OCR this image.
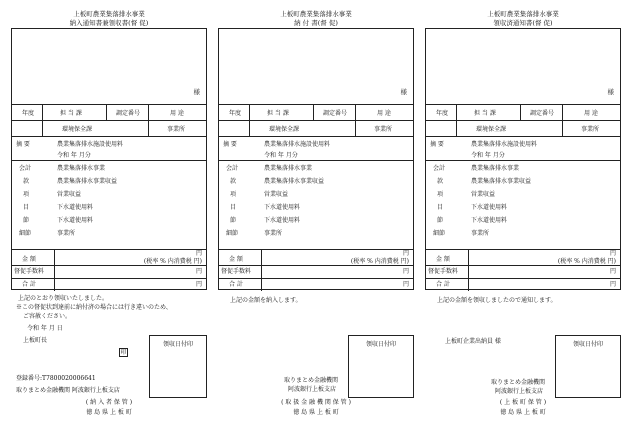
上板町農業集落排水事業
納入通知書兼領収書(督 促)
様
年度	担 当 課	調定番号	用 途
環境保全課	事業所
摘 要	農業集落排水施設使用料
令和 年 月分
会計	農業集落排水事業
款	農業集落排水事業収益
項	営業収益
目	下水道使用料
節	下水道使用料
細節	事業所
金 額
円
(税率 % 内消費税 円)
督促手数料	円
合 計	円
上記のとおり領収いたしました。
※この督促状到達前に納付済の場合には行き違いのため、
ご容赦ください。
令和 年 月 日
上板町長
印
登録番号:T7800020006641
取りまとめ金融機関 阿波銀行上板支店
領収日付印
( 納 入 者 保 管 )
徳 島 県 上 板 町
上板町農業集落排水事業
納 付 書(督 促)
様
年度	担 当 課	調定番号	用 途
環境保全課	事業所
摘 要	農業集落排水施設使用料
令和 年 月分
会計	農業集落排水事業
款	農業集落排水事業収益
項	営業収益
目	下水道使用料
節	下水道使用料
細節	事業所
金 額
円
(税率 % 内消費税 円)
督促手数料	円
合 計	円
上記の金額を納入します。
取りまとめ金融機関
阿波銀行上板支店
領収日付印
( 取 扱 金 融 機 関 保 管 )
徳 島 県 上 板 町
上板町農業集落排水事業
領収済通知書(督 促)
様
年度	担 当 課	調定番号	用 途
環境保全課	事業所
摘 要	農業集落排水施設使用料
令和 年 月分
会計	農業集落排水事業
款	農業集落排水事業収益
項	営業収益
目	下水道使用料
節	下水道使用料
細節	事業所
金 額
円
(税率 % 内消費税 円)
督促手数料	円
合 計	円
上記の金額を領収しましたので通知します。
上板町企業出納員 様
取りまとめ金融機関
阿波銀行上板支店
領収日付印
( 上 板 町 保 管 )
徳 島 県 上 板 町
